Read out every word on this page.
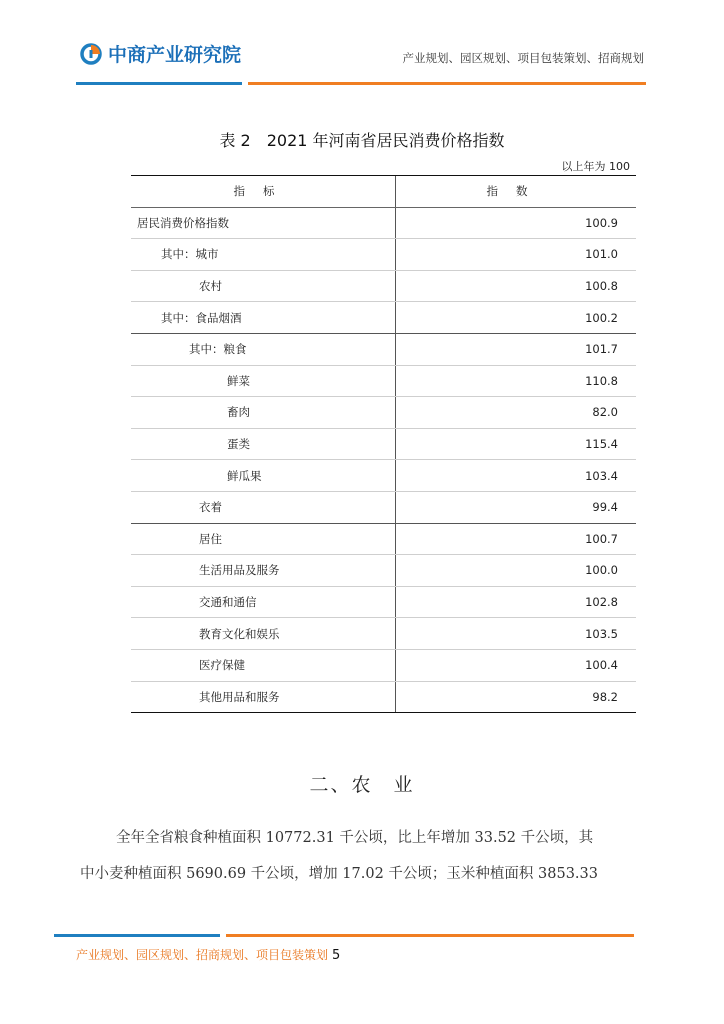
中商产业研究院	产业规划、园区规划、项目包装策划、招商规划
表 2　2021 年河南省居民消费价格指数
以上年为 100
指标	指数
居民消费价格指数	100.9
其中：城市	101.0
农村	100.8
其中：食品烟酒	100.2
其中：粮食	101.7
鲜菜	110.8
畜肉	82.0
蛋类	115.4
鲜瓜果	103.4
衣着	99.4
居住	100.7
生活用品及服务	100.0
交通和通信	102.8
教育文化和娱乐	103.5
医疗保健	100.4
其他用品和服务	98.2
二、农　业
全年全省粮食种植面积 10772.31 千公顷，比上年增加 33.52 千公顷，其
中小麦种植面积 5690.69 千公顷，增加 17.02 千公顷；玉米种植面积 3853.33
产业规划、园区规划、招商规划、项目包装策划 5
